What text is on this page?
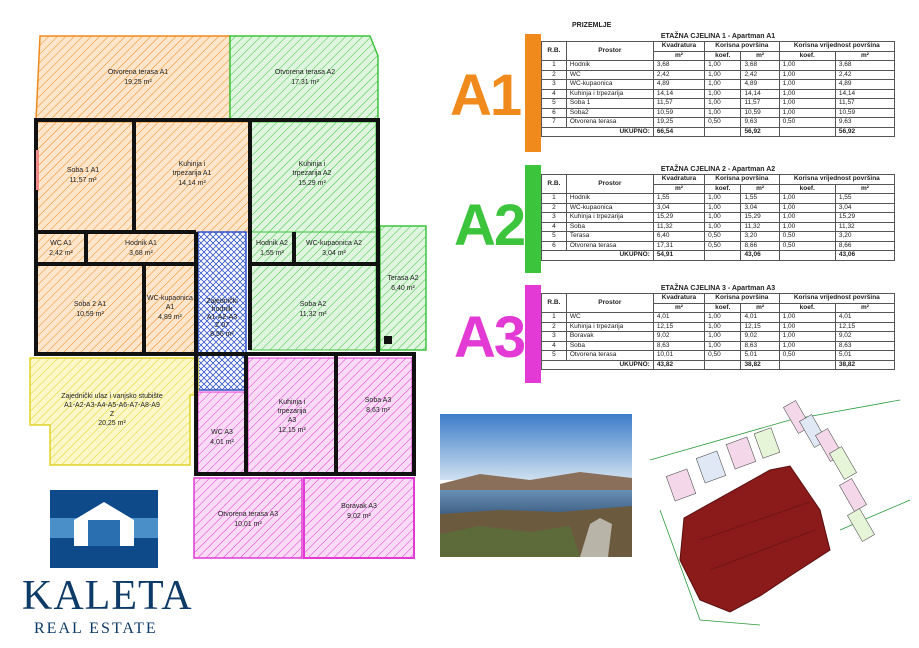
Otvorena terasa A1
19,25 m²
Otvorena terasa A2
17,31 m²
Soba 1 A1
11,57 m²
Kuhinja i
trpezarija A1
14,14 m²
Kuhinja i
trpezarija A2
15,29 m²
WC A1
2,42 m²
Hodnik A1
3,68 m²
Hodnik A2
1,55 m²
WC-kupaonica A2
3,04 m²
Terasa A2
6,40 m²
Soba 2 A1
10,59 m²
WC-kupaonica
A1
4,89 m²
Zajednički
hodnik
A1-A2-A3
Z 07
8,56 m²
Soba A2
11,32 m²
Zajednički ulaz i vanjsko stubište
A1-A2-A3-A4-A5-A6-A7-A8-A9
Z
20,25 m²
Kuhinja i
trpezarija
A3
12,15 m²
Soba A3
8,63 m²
WC A3
4,01 m²
Otvorena terasa A3
10,01 m²
Boravak A3
9,02 m²
KALETA
REAL ESTATE
A1
A2
A3
PRIZEMLJE
ETAŽNA CJELINA 1 - Apartman A1
R.B.	Prostor	Kvadratura	Korisna površina		Korisna vrijednost površina	
		m²	koef.	m²	koef.	m²
1	Hodnik	3,68	1,00	3,68	1,00	3,68
2	WC	2,42	1,00	2,42	1,00	2,42
3	WC-kupaonica	4,89	1,00	4,89	1,00	4,89
4	Kuhinja i trpezarija	14,14	1,00	14,14	1,00	14,14
5	Soba 1	11,57	1,00	11,57	1,00	11,57
6	Soba2	10,59	1,00	10,59	1,00	10,59
7	Otvorena terasa	19,25	0,50	9,63	0,50	9,63
UKUPNO:		66,54		56,92		56,92
ETAŽNA CJELINA 2 - Apartman A2
R.B.	Prostor	Kvadratura	Korisna površina		Korisna vrijednost površina	
		m²	koef.	m²	koef.	m²
1	Hodnik	1,55	1,00	1,55	1,00	1,55
2	WC-kupaonica	3,04	1,00	3,04	1,00	3,04
3	Kuhinja i trpezarija	15,29	1,00	15,29	1,00	15,29
4	Soba	11,32	1,00	11,32	1,00	11,32
5	Terasa	6,40	0,50	3,20	0,50	3,20
6	Otvorena terasa	17,31	0,50	8,66	0,50	8,66
UKUPNO:		54,91		43,06		43,06
ETAŽNA CJELINA 3 - Apartman A3
R.B.	Prostor	Kvadratura	Korisna površina		Korisna vrijednost površina	
		m²	koef.	m²	koef.	m²
1	WC	4,01	1,00	4,01	1,00	4,01
2	Kuhinja i trpezarija	12,15	1,00	12,15	1,00	12,15
3	Boravak	9,02	1,00	9,02	1,00	9,02
4	Soba	8,63	1,00	8,63	1,00	8,63
5	Otvorena terasa	10,01	0,50	5,01	0,50	5,01
UKUPNO:		43,82		38,82		38,82
